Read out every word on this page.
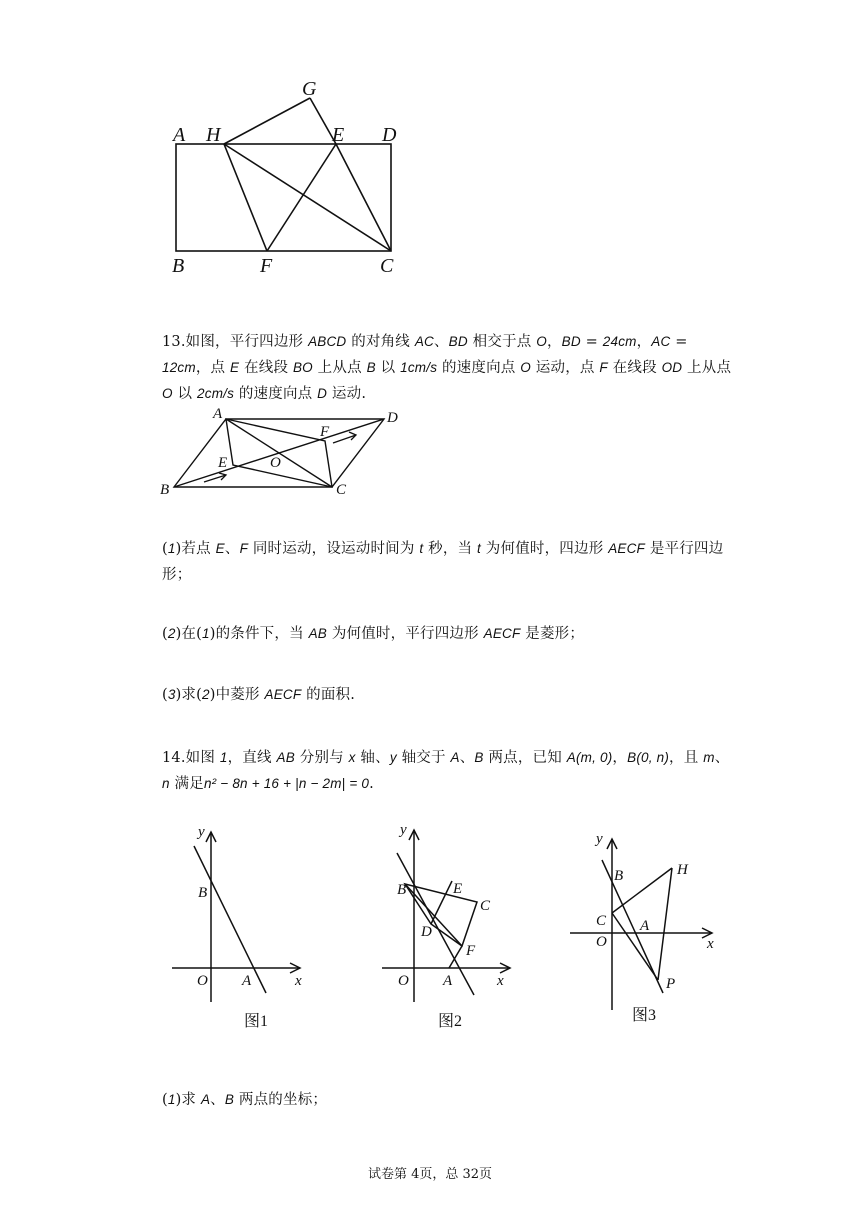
A H
G
E D
B	F	C
13.如图，平行四边形 ABCD 的对角线 AC、BD 相交于点 O，BD = 24cm，AC = 12cm，点 E 在线段 BO 上从点 B 以 1cm/s 的速度向点 O 运动，点 F 在线段 OD 上从点 O 以 2cm/s 的速度向点 D 运动.
A	D
F
E	O
B	C
(1)若点 E、F 同时运动，设运动时间为 t 秒，当 t 为何值时，四边形 AECF 是平行四边形；
(2)在(1)的条件下，当 AB 为何值时，平行四边形 AECF 是菱形；
(3)求(2)中菱形 AECF 的面积.
14.如图 1，直线 AB 分别与 x 轴、y 轴交于 A、B 两点，已知 A(m, 0)，B(0, n)，且 m、n 满足n² − 8n + 16 + |n − 2m| = 0.
y
B
O A	x
图1
y
B	E
C
D
F
O A	x
图2
y
B	H
C A
O
P
x
图3
(1)求 A、B 两点的坐标；
试卷第 4页，总 32页
